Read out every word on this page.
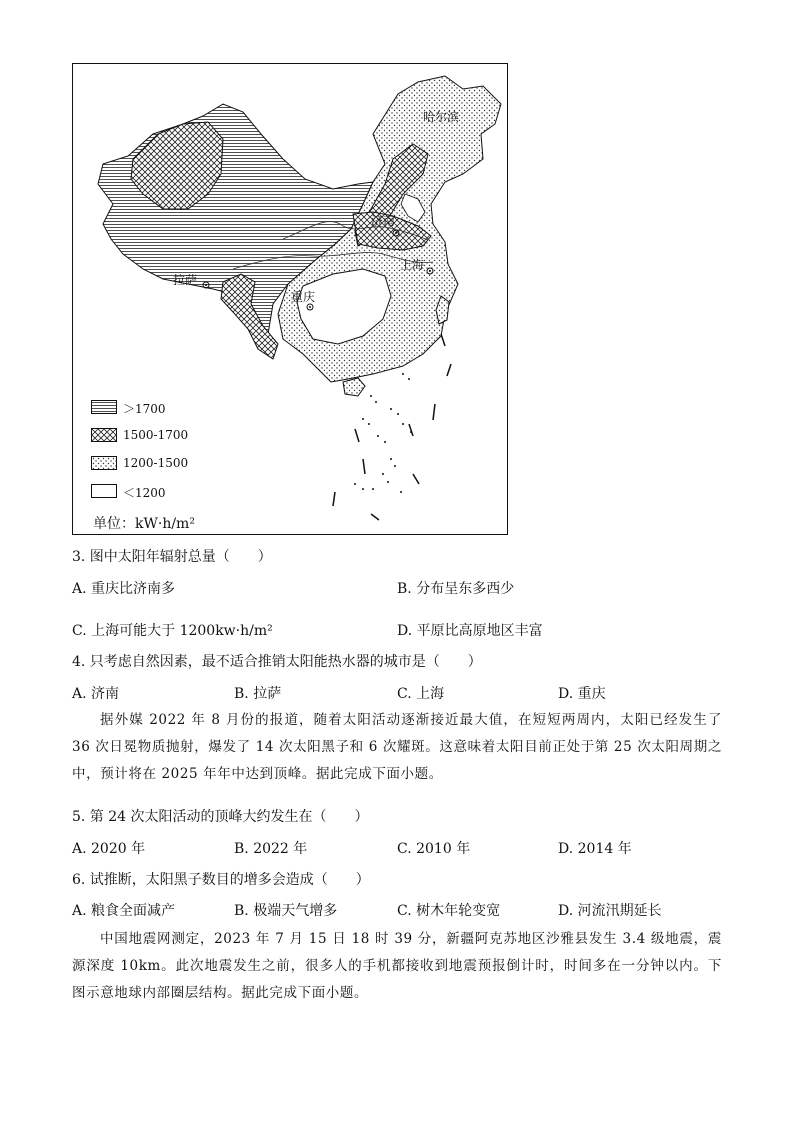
哈尔滨
济南
上海
拉萨
重庆
＞1700
1500-1700
1200-1500
＜1200
单位：kW·h/m²
3. 图中太阳年辐射总量（　　）
A. 重庆比济南多	B. 分布呈东多西少
C. 上海可能大于 1200kw·h/m²	D. 平原比高原地区丰富
4. 只考虑自然因素，最不适合推销太阳能热水器的城市是（　　）
A. 济南	B. 拉萨	C. 上海	D. 重庆
据外媒 2022 年 8 月份的报道，随着太阳活动逐渐接近最大值，在短短两周内，太阳已经发生了 36 次日冕物质抛射，爆发了 14 次太阳黑子和 6 次耀斑。这意味着太阳目前正处于第 25 次太阳周期之中，预计将在 2025 年年中达到顶峰。据此完成下面小题。
5. 第 24 次太阳活动的顶峰大约发生在（　　）
A. 2020 年	B. 2022 年	C. 2010 年	D. 2014 年
6. 试推断，太阳黑子数目的增多会造成（　　）
A. 粮食全面减产	B. 极端天气增多	C. 树木年轮变宽	D. 河流汛期延长
中国地震网测定，2023 年 7 月 15 日 18 时 39 分，新疆阿克苏地区沙雅县发生 3.4 级地震，震源深度 10km。此次地震发生之前，很多人的手机都接收到地震预报倒计时，时间多在一分钟以内。下图示意地球内部圈层结构。据此完成下面小题。
